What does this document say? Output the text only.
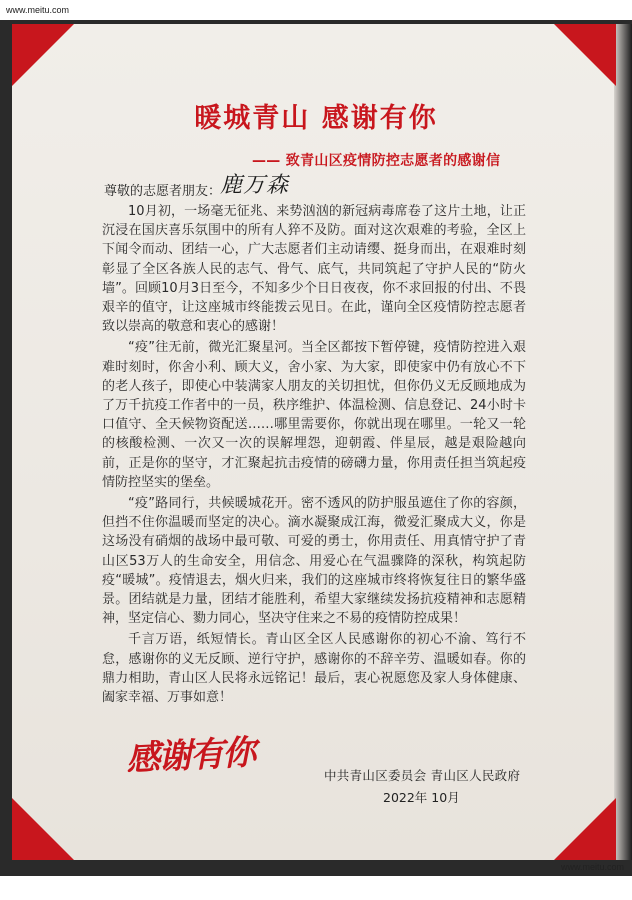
www.meitu.com
暖城青山 感谢有你
—— 致青山区疫情防控志愿者的感谢信
尊敬的志愿者朋友：
鹿万森

10月初，一场毫无征兆、来势汹汹的新冠病毒席卷了这片土地，让正沉浸在国庆喜乐氛围中的所有人猝不及防。面对这次艰难的考验，全区上下闻令而动、团结一心，广大志愿者们主动请缨、挺身而出，在艰难时刻彰显了全区各族人民的志气、骨气、底气，共同筑起了守护人民的“防火墙”。回顾10月3日至今，不知多少个日日夜夜，你不求回报的付出、不畏艰辛的值守，让这座城市终能拨云见日。在此，谨向全区疫情防控志愿者致以崇高的敬意和衷心的感谢！

“疫”往无前，微光汇聚星河。当全区都按下暂停键，疫情防控进入艰难时刻时，你舍小利、顾大义，舍小家、为大家，即使家中仍有放心不下的老人孩子，即使心中装满家人朋友的关切担忧，但你仍义无反顾地成为了万千抗疫工作者中的一员，秩序维护、体温检测、信息登记、24小时卡口值守、全天候物资配送……哪里需要你，你就出现在哪里。一轮又一轮的核酸检测、一次又一次的误解埋怨，迎朝霞、伴星辰，越是艰险越向前，正是你的坚守，才汇聚起抗击疫情的磅礴力量，你用责任担当筑起疫情防控坚实的堡垒。

“疫”路同行，共候暖城花开。密不透风的防护服虽遮住了你的容颜，但挡不住你温暖而坚定的决心。滴水凝聚成江海，微爱汇聚成大义，你是这场没有硝烟的战场中最可敬、可爱的勇士，你用责任、用真情守护了青山区53万人的生命安全，用信念、用爱心在气温骤降的深秋，构筑起防疫“暖城”。疫情退去，烟火归来，我们的这座城市终将恢复往日的繁华盛景。团结就是力量，团结才能胜利，希望大家继续发扬抗疫精神和志愿精神，坚定信心、勠力同心，坚决守住来之不易的疫情防控成果！

千言万语，纸短情长。青山区全区人民感谢你的初心不渝、笃行不怠，感谢你的义无反顾、逆行守护，感谢你的不辞辛劳、温暖如春。你的鼎力相助，青山区人民将永远铭记！最后，衷心祝愿您及家人身体健康、阖家幸福、万事如意！

感谢有你	中共青山区委员会 青山区人民政府
2022年 10月
www.meitu.com
